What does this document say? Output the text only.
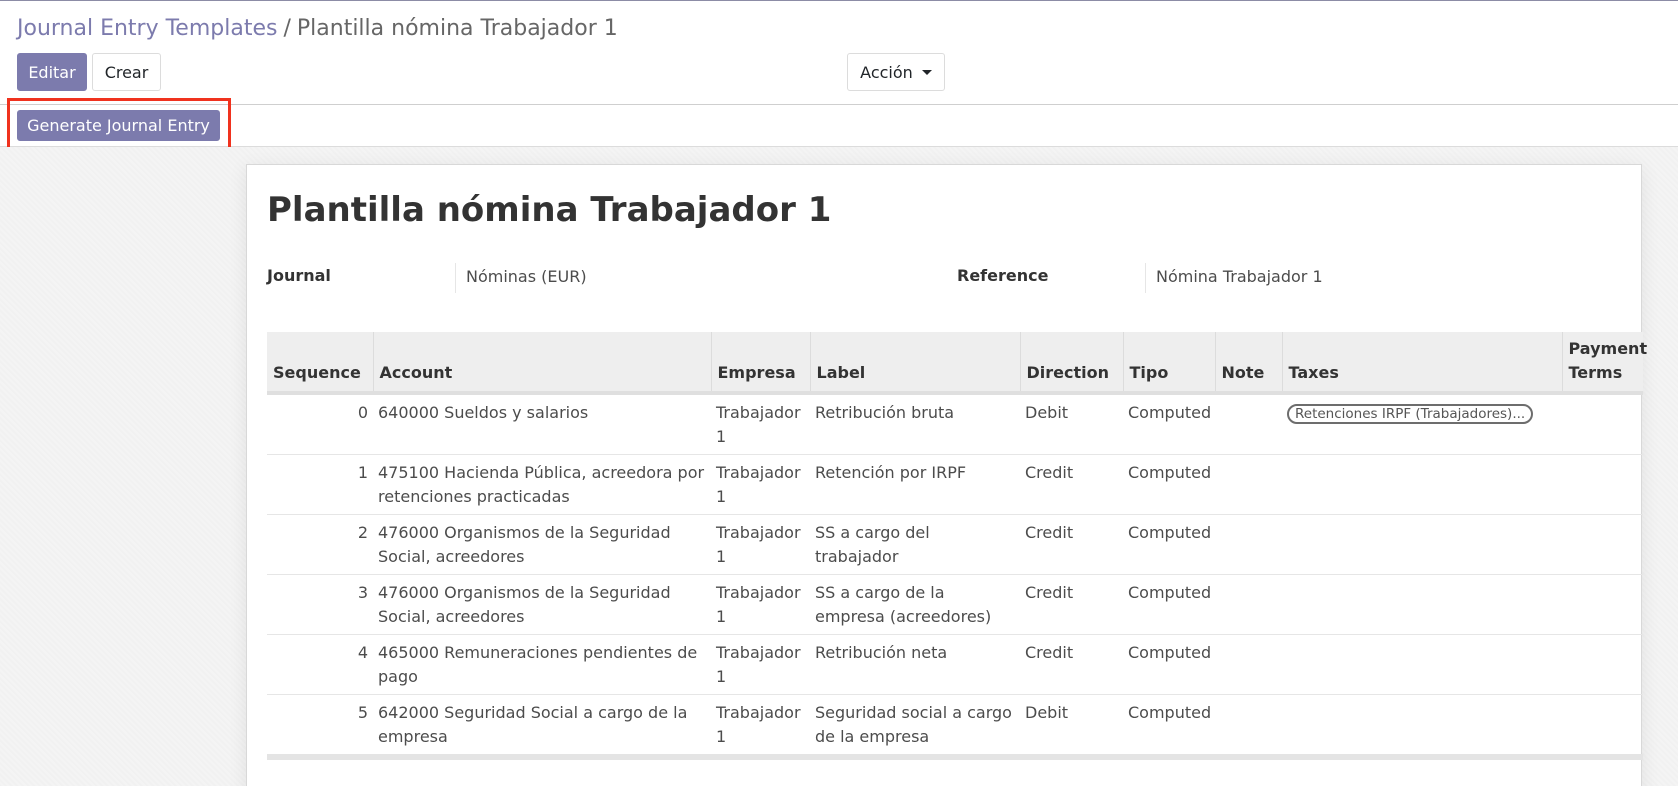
Journal Entry Templates / Plantilla nómina Trabajador 1
Editar	Crear	Acción
Generate Journal Entry
Plantilla nómina Trabajador 1
Journal	Nóminas (EUR)	Reference	Nómina Trabajador 1
Sequence	Account	Empresa	Label	Direction	Tipo	Note	Taxes	Payment Terms
0	640000 Sueldos y salarios	Trabajador 1	Retribución bruta	Debit	Computed		Retenciones IRPF (Trabajadores)...	
1	475100 Hacienda Pública, acreedora por retenciones practicadas	Trabajador 1	Retención por IRPF	Credit	Computed			
2	476000 Organismos de la Seguridad Social, acreedores	Trabajador 1	SS a cargo del trabajador	Credit	Computed			
3	476000 Organismos de la Seguridad Social, acreedores	Trabajador 1	SS a cargo de la empresa (acreedores)	Credit	Computed			
4	465000 Remuneraciones pendientes de pago	Trabajador 1	Retribución neta	Credit	Computed			
5	642000 Seguridad Social a cargo de la empresa	Trabajador 1	Seguridad social a cargo de la empresa	Debit	Computed			
